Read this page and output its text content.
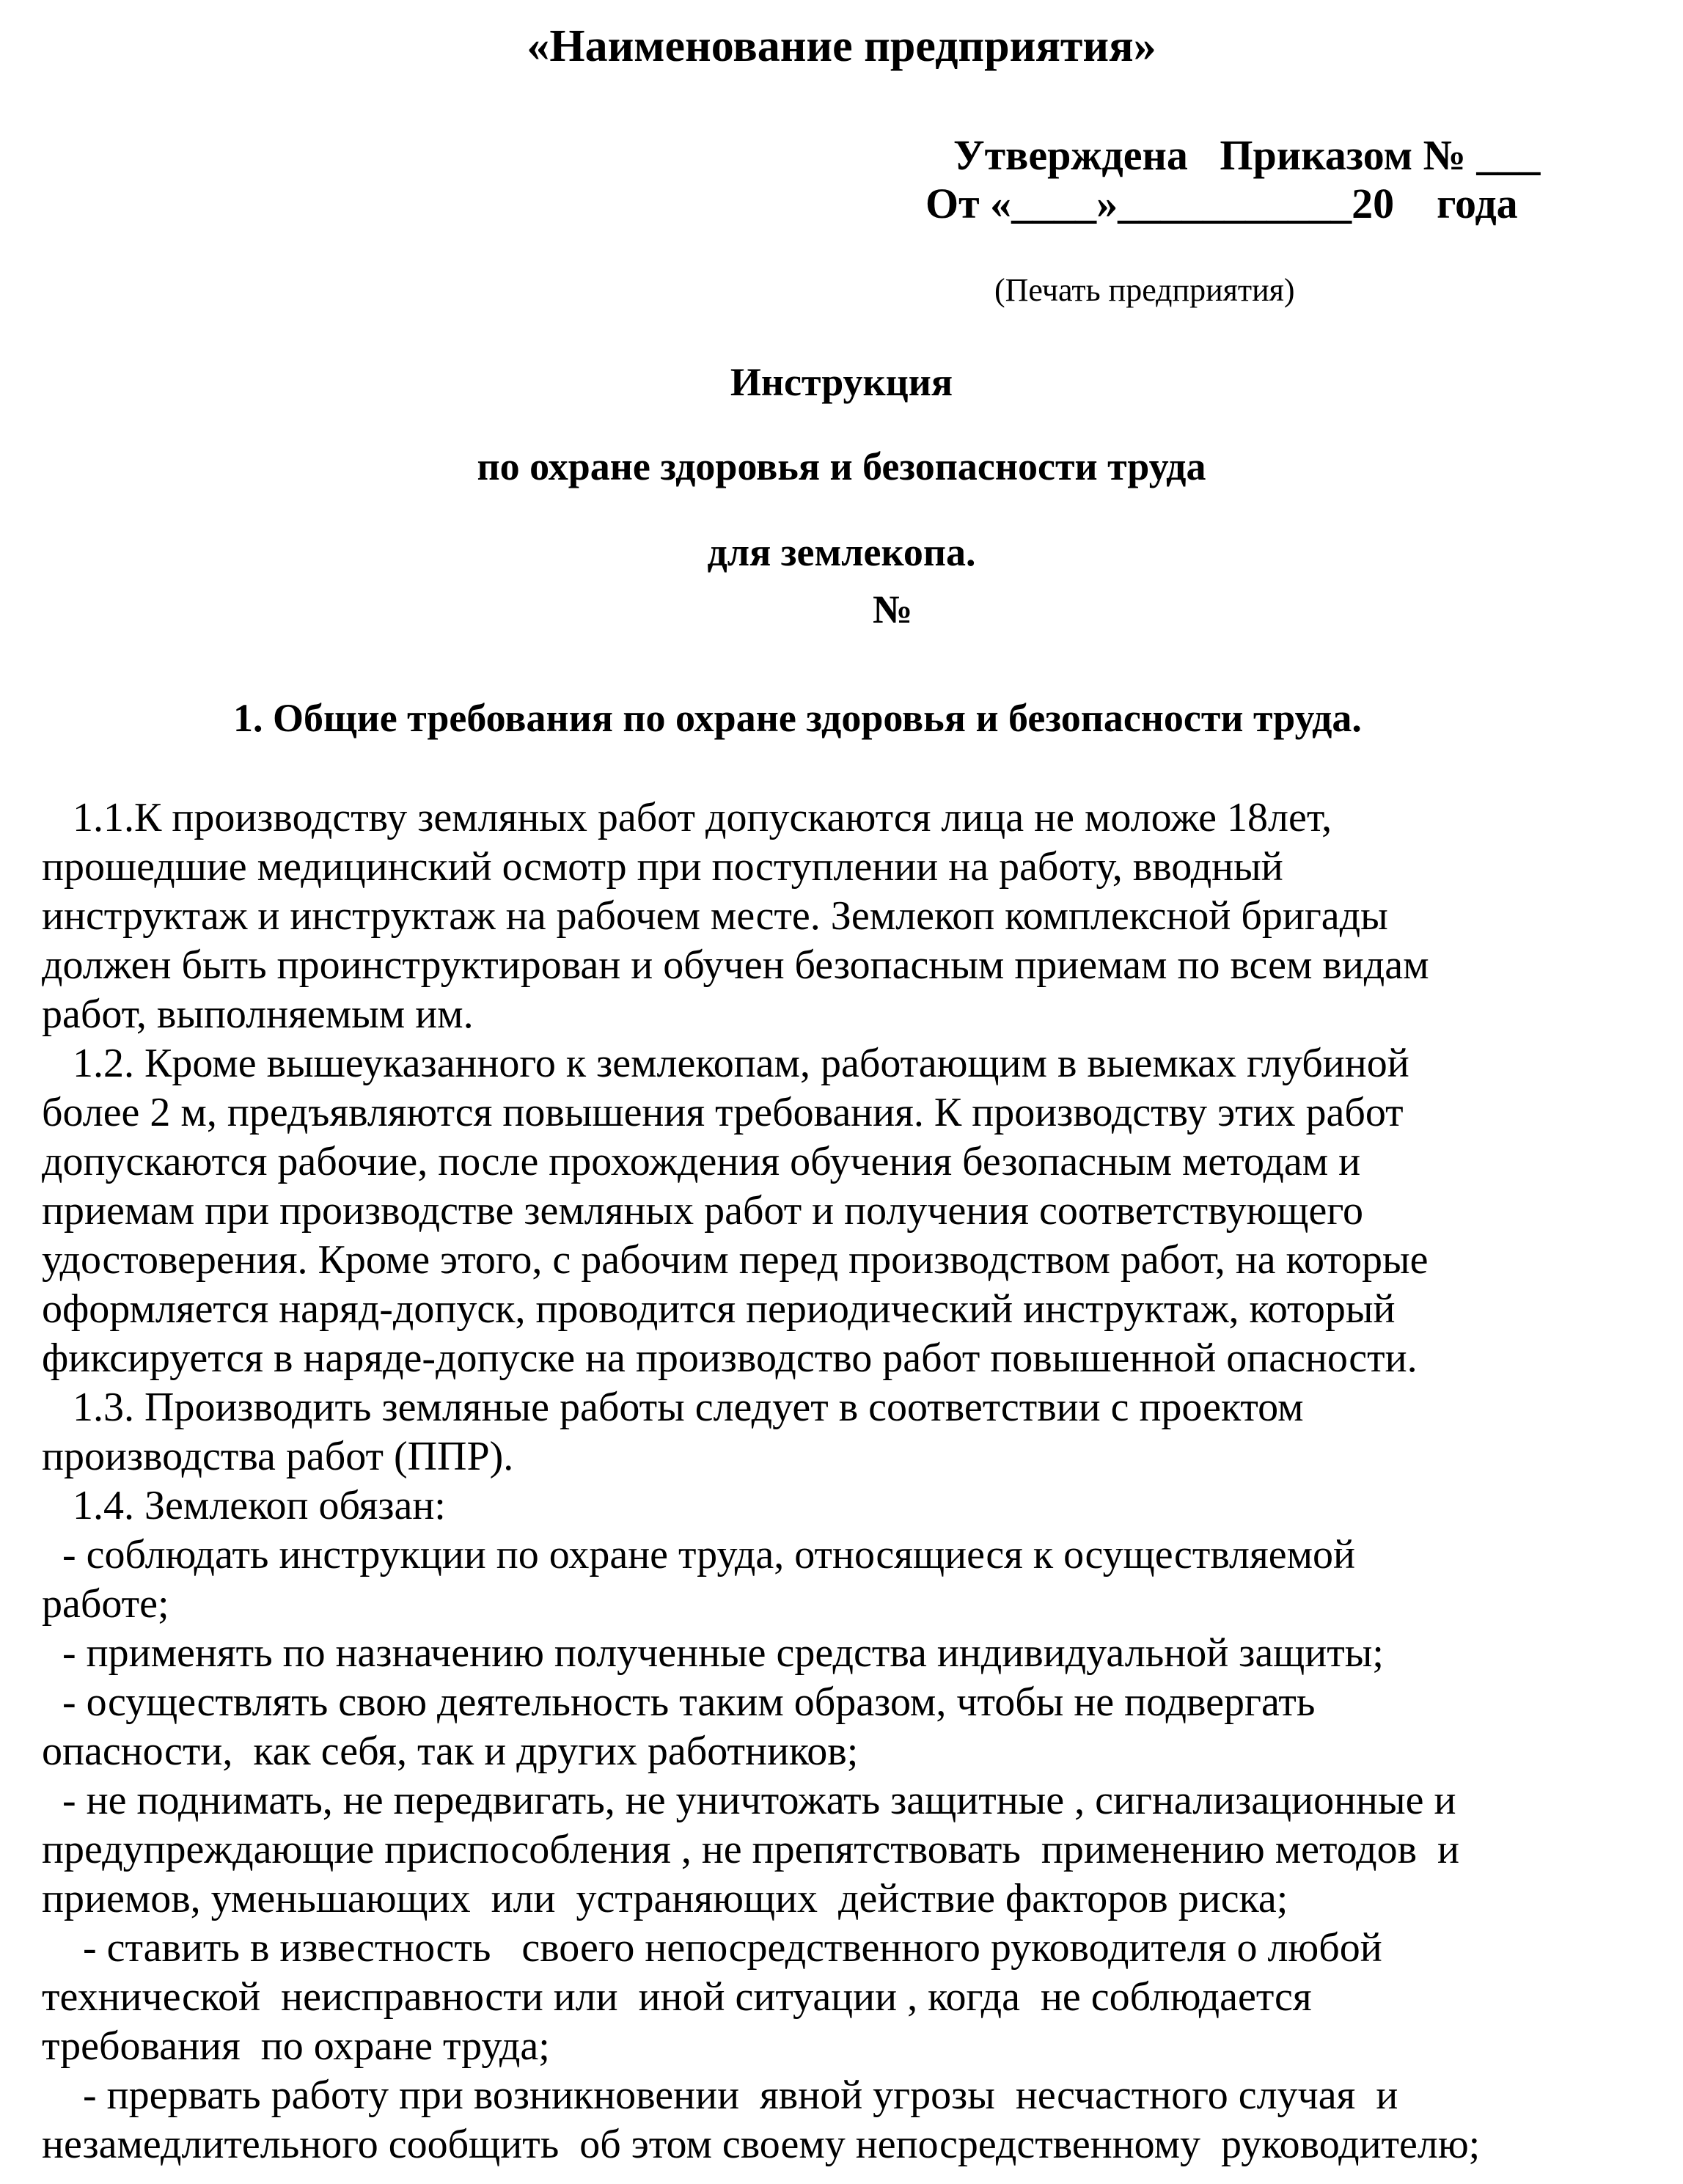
«Наименование предприятия»
Утверждена   Приказом № ___
От «____»___________20    года
(Печать предприятия)
Инструкция
по охране здоровья и безопасности труда
для землекопа.
№
1. Общие требования по охране здоровья и безопасности труда.
1.1.К производству земляных работ допускаются лица не моложе 18лет,
прошедшие медицинский осмотр при поступлении на работу, вводный
инструктаж и инструктаж на рабочем месте. Землекоп комплексной бригады
должен быть проинструктирован и обучен безопасным приемам по всем видам
работ, выполняемым им.
1.2. Кроме вышеуказанного к землекопам, работающим в выемках глубиной
более 2 м, предъявляются повышения требования. К производству этих работ
допускаются рабочие, после прохождения обучения безопасным методам и
приемам при производстве земляных работ и получения соответствующего
удостоверения. Кроме этого, с рабочим перед производством работ, на которые
оформляется наряд-допуск, проводится периодический инструктаж, который
фиксируется в наряде-допуске на производство работ повышенной опасности.
1.3. Производить земляные работы следует в соответствии с проектом
производства работ (ППР).
1.4. Землекоп обязан:
- соблюдать инструкции по охране труда, относящиеся к осуществляемой
работе;
- применять по назначению полученные средства индивидуальной защиты;
- осуществлять свою деятельность таким образом, чтобы не подвергать
опасности,  как себя, так и других работников;
- не поднимать, не передвигать, не уничтожать защитные , сигнализационные и
предупреждающие приспособления , не препятствовать  применению методов  и
приемов, уменьшающих  или  устраняющих  действие факторов риска;
- ставить в известность   своего непосредственного руководителя о любой
технической  неисправности или  иной ситуации , когда  не соблюдается
требования  по охране труда;
- прервать работу при возникновении  явной угрозы  несчастного случая  и
незамедлительного сообщить  об этом своему непосредственному  руководителю;
